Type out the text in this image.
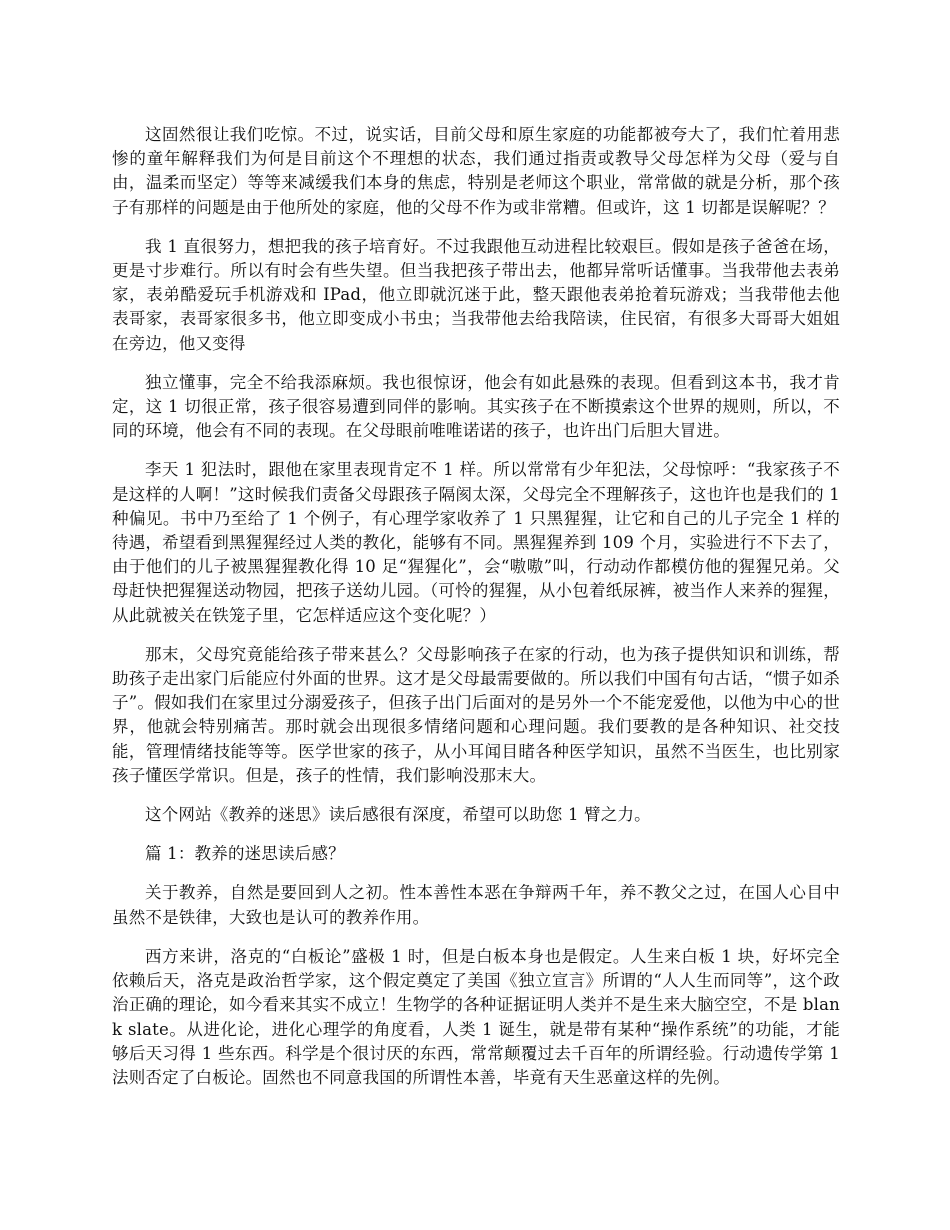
这固然很让我们吃惊。不过，说实话，目前父母和原生家庭的功能都被夸大了，我们忙着用悲惨的童年解释我们为何是目前这个不理想的状态，我们通过指责或教导父母怎样为父母（爱与自由，温柔而坚定）等等来减缓我们本身的焦虑，特别是老师这个职业，常常做的就是分析，那个孩子有那样的问题是由于他所处的家庭，他的父母不作为或非常糟。但或许，这 1 切都是误解呢？？

我 1 直很努力，想把我的孩子培育好。不过我跟他互动进程比较艰巨。假如是孩子爸爸在场，更是寸步难行。所以有时会有些失望。但当我把孩子带出去，他都异常听话懂事。当我带他去表弟家，表弟酷爱玩手机游戏和 IPad，他立即就沉迷于此，整天跟他表弟抢着玩游戏；当我带他去他表哥家，表哥家很多书，他立即变成小书虫；当我带他去给我陪读，住民宿，有很多大哥哥大姐姐在旁边，他又变得

独立懂事，完全不给我添麻烦。我也很惊讶，他会有如此悬殊的表现。但看到这本书，我才肯定，这 1 切很正常，孩子很容易遭到同伴的影响。其实孩子在不断摸索这个世界的规则，所以，不同的环境，他会有不同的表现。在父母眼前唯唯诺诺的孩子，也许出门后胆大冒进。

李天 1 犯法时，跟他在家里表现肯定不 1 样。所以常常有少年犯法，父母惊呼：“我家孩子不是这样的人啊！”这时候我们责备父母跟孩子隔阂太深，父母完全不理解孩子，这也许也是我们的 1 种偏见。书中乃至给了 1 个例子，有心理学家收养了 1 只黑猩猩，让它和自己的儿子完全 1 样的待遇，希望看到黑猩猩经过人类的教化，能够有不同。黑猩猩养到 109 个月，实验进行不下去了，由于他们的儿子被黑猩猩教化得 10 足“猩猩化”，会“嗷嗷”叫，行动动作都模仿他的猩猩兄弟。父母赶快把猩猩送动物园，把孩子送幼儿园。（可怜的猩猩，从小包着纸尿裤，被当作人来养的猩猩，从此就被关在铁笼子里，它怎样适应这个变化呢？）

那末，父母究竟能给孩子带来甚么？父母影响孩子在家的行动，也为孩子提供知识和训练，帮助孩子走出家门后能应付外面的世界。这才是父母最需要做的。所以我们中国有句古话，“惯子如杀子”。假如我们在家里过分溺爱孩子，但孩子出门后面对的是另外一个不能宠爱他，以他为中心的世界，他就会特别痛苦。那时就会出现很多情绪问题和心理问题。我们要教的是各种知识、社交技能，管理情绪技能等等。医学世家的孩子，从小耳闻目睹各种医学知识，虽然不当医生，也比别家孩子懂医学常识。但是，孩子的性情，我们影响没那末大。

这个网站《教养的迷思》读后感很有深度，希望可以助您 1 臂之力。

篇 1：教养的迷思读后感？

关于教养，自然是要回到人之初。性本善性本恶在争辩两千年，养不教父之过，在国人心目中虽然不是铁律，大致也是认可的教养作用。

西方来讲，洛克的“白板论”盛极 1 时，但是白板本身也是假定。人生来白板 1 块，好坏完全依赖后天，洛克是政治哲学家，这个假定奠定了美国《独立宣言》所谓的“人人生而同等”，这个政治正确的理论，如今看来其实不成立！生物学的各种证据证明人类并不是生来大脑空空，不是 blank slate。从进化论，进化心理学的角度看，人类 1 诞生，就是带有某种“操作系统”的功能，才能够后天习得 1 些东西。科学是个很讨厌的东西，常常颠覆过去千百年的所谓经验。行动遗传学第 1 法则否定了白板论。固然也不同意我国的所谓性本善，毕竟有天生恶童这样的先例。
